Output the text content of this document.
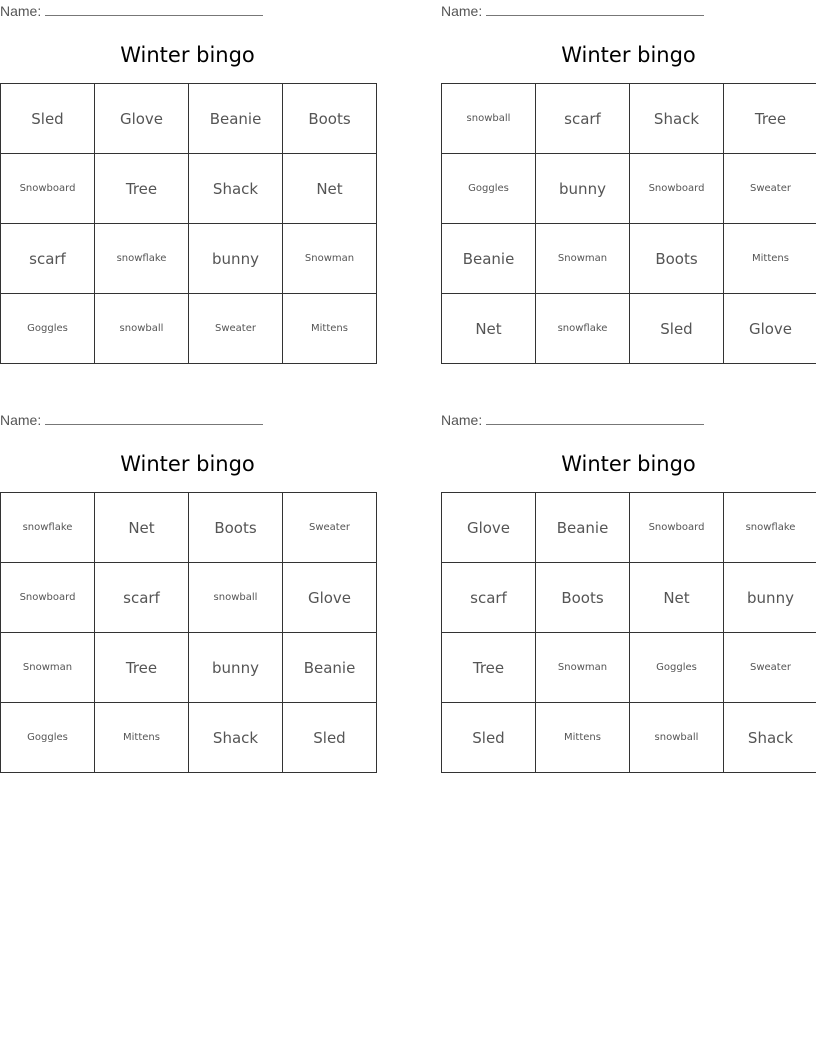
Name:
Winter bingo
Sled	Glove	Beanie	Boots
Snowboard	Tree	Shack	Net
scarf	snowflake	bunny	Snowman
Goggles	snowball	Sweater	Mittens
Name:
Winter bingo
snowball	scarf	Shack	Tree
Goggles	bunny	Snowboard	Sweater
Beanie	Snowman	Boots	Mittens
Net	snowflake	Sled	Glove
Name:
Winter bingo
snowflake	Net	Boots	Sweater
Snowboard	scarf	snowball	Glove
Snowman	Tree	bunny	Beanie
Goggles	Mittens	Shack	Sled
Name:
Winter bingo
Glove	Beanie	Snowboard	snowflake
scarf	Boots	Net	bunny
Tree	Snowman	Goggles	Sweater
Sled	Mittens	snowball	Shack
